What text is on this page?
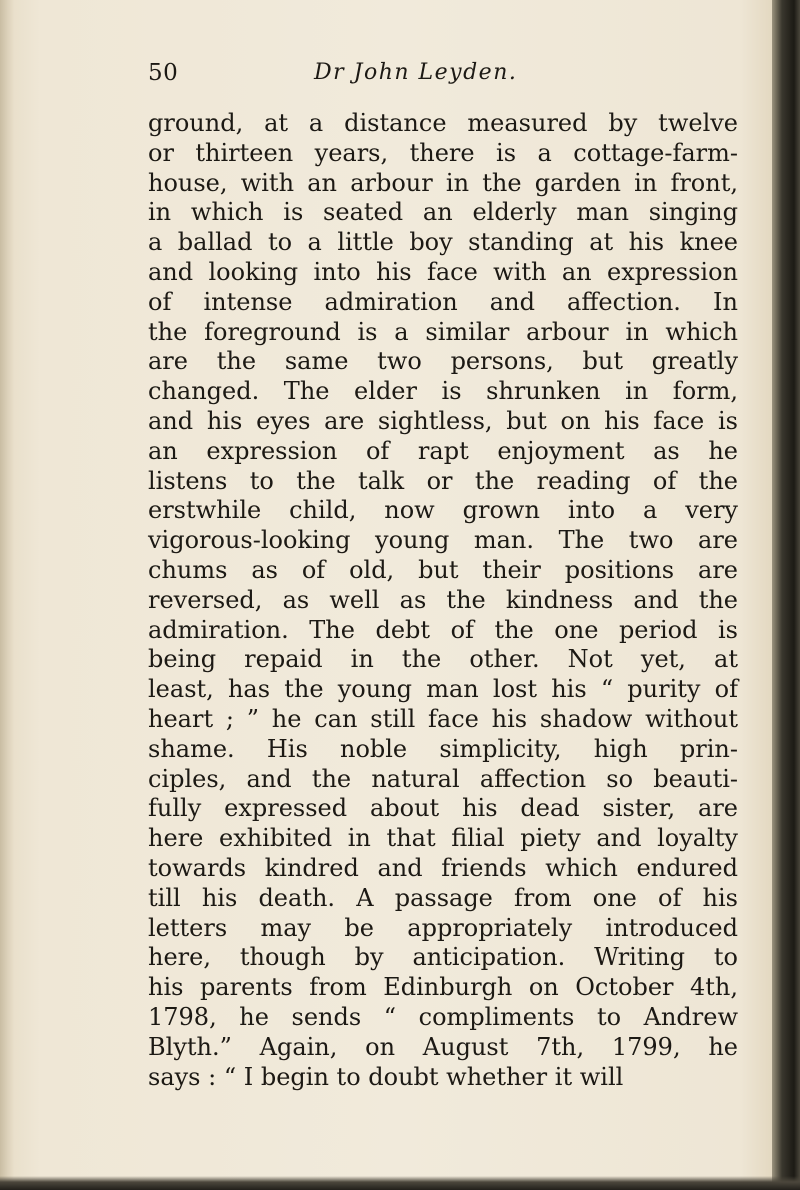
50	Dr John Leyden.
ground, at a distance measured by twelve
or thirteen years, there is a cottage-farm-
house, with an arbour in the garden in front,
in which is seated an elderly man singing
a ballad to a little boy standing at his knee
and looking into his face with an expression
of intense admiration and affection. In
the foreground is a similar arbour in which
are the same two persons, but greatly
changed. The elder is shrunken in form,
and his eyes are sightless, but on his face is
an expression of rapt enjoyment as he
listens to the talk or the reading of the
erstwhile child, now grown into a very
vigorous-looking young man. The two are
chums as of old, but their positions are
reversed, as well as the kindness and the
admiration. The debt of the one period is
being repaid in the other. Not yet, at
least, has the young man lost his “ purity of
heart ; ” he can still face his shadow without
shame. His noble simplicity, high prin-
ciples, and the natural affection so beauti-
fully expressed about his dead sister, are
here exhibited in that filial piety and loyalty
towards kindred and friends which endured
till his death. A passage from one of his
letters may be appropriately introduced
here, though by anticipation. Writing to
his parents from Edinburgh on October 4th,
1798, he sends “ compliments to Andrew
Blyth.” Again, on August 7th, 1799, he
says : “ I begin to doubt whether it will
